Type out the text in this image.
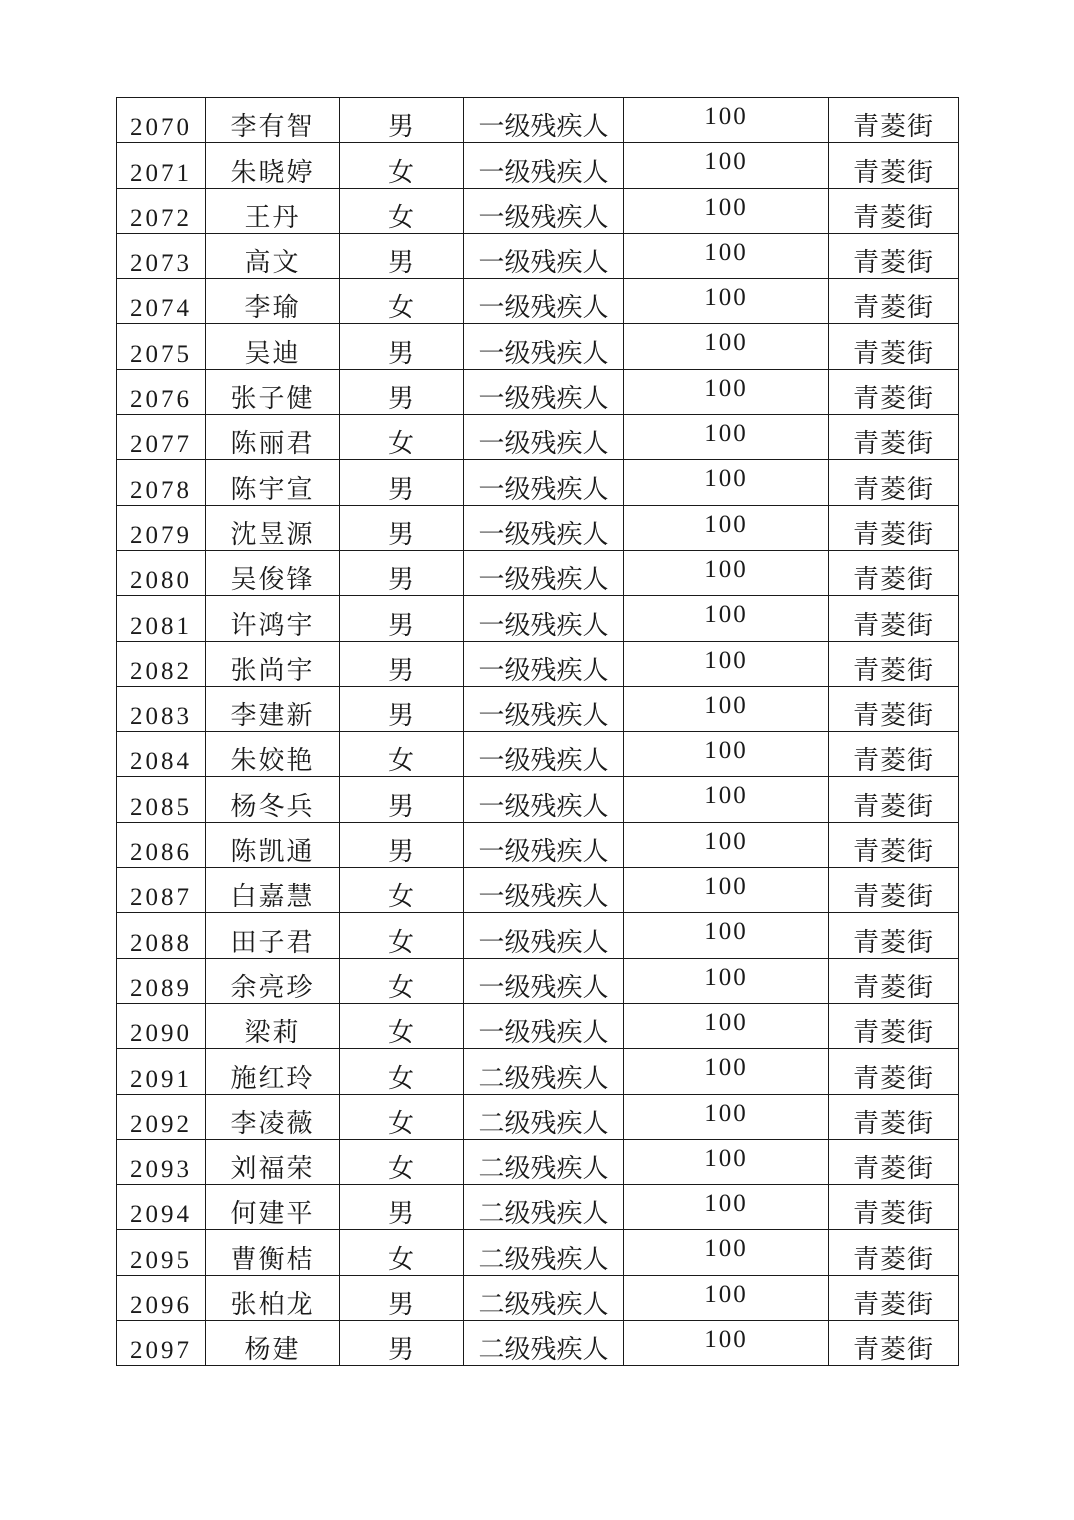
2070	李有智	男	一级残疾人	100	青菱街
2071	朱晓婷	女	一级残疾人	100	青菱街
2072	王丹	女	一级残疾人	100	青菱街
2073	高文	男	一级残疾人	100	青菱街
2074	李瑜	女	一级残疾人	100	青菱街
2075	吴迪	男	一级残疾人	100	青菱街
2076	张子健	男	一级残疾人	100	青菱街
2077	陈丽君	女	一级残疾人	100	青菱街
2078	陈宇宣	男	一级残疾人	100	青菱街
2079	沈昱源	男	一级残疾人	100	青菱街
2080	吴俊锋	男	一级残疾人	100	青菱街
2081	许鸿宇	男	一级残疾人	100	青菱街
2082	张尚宇	男	一级残疾人	100	青菱街
2083	李建新	男	一级残疾人	100	青菱街
2084	朱姣艳	女	一级残疾人	100	青菱街
2085	杨冬兵	男	一级残疾人	100	青菱街
2086	陈凯通	男	一级残疾人	100	青菱街
2087	白嘉慧	女	一级残疾人	100	青菱街
2088	田子君	女	一级残疾人	100	青菱街
2089	余亮珍	女	一级残疾人	100	青菱街
2090	梁莉	女	一级残疾人	100	青菱街
2091	施红玲	女	二级残疾人	100	青菱街
2092	李凌薇	女	二级残疾人	100	青菱街
2093	刘福荣	女	二级残疾人	100	青菱街
2094	何建平	男	二级残疾人	100	青菱街
2095	曹衡桔	女	二级残疾人	100	青菱街
2096	张柏龙	男	二级残疾人	100	青菱街
2097	杨建	男	二级残疾人	100	青菱街
